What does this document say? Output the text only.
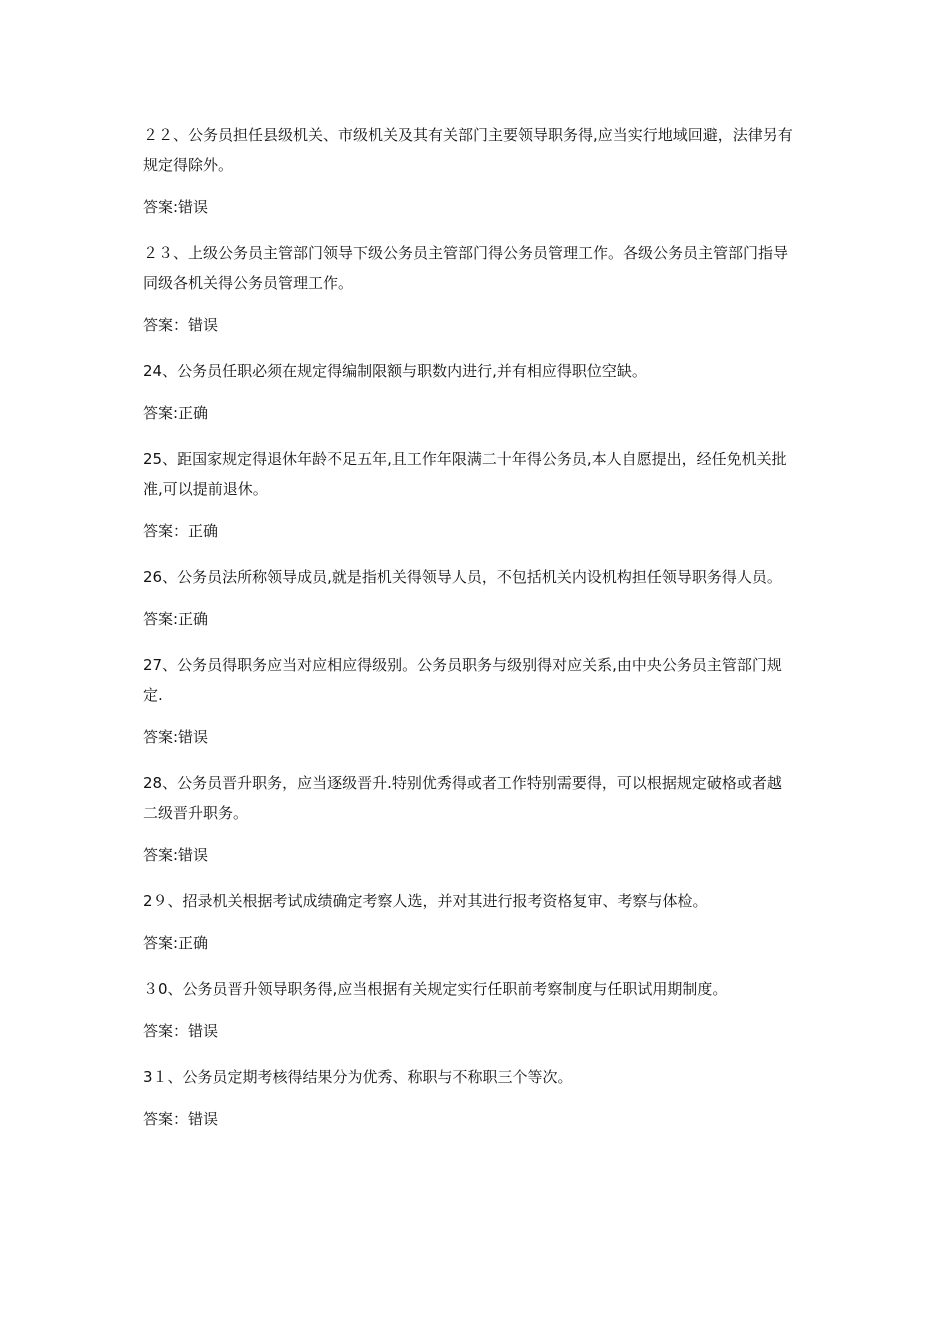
２２、公务员担任县级机关、市级机关及其有关部门主要领导职务得,应当实行地域回避，法律另有规定得除外。

答案:错误

２３、上级公务员主管部门领导下级公务员主管部门得公务员管理工作。各级公务员主管部门指导同级各机关得公务员管理工作。

答案：错误

24、公务员任职必须在规定得编制限额与职数内进行,并有相应得职位空缺。

答案:正确

25、距国家规定得退休年龄不足五年,且工作年限满二十年得公务员,本人自愿提出，经任免机关批准,可以提前退休。

答案：正确

26、公务员法所称领导成员,就是指机关得领导人员，不包括机关内设机构担任领导职务得人员。

答案:正确

27、公务员得职务应当对应相应得级别。公务员职务与级别得对应关系,由中央公务员主管部门规定.

答案:错误

28、公务员晋升职务，应当逐级晋升.特别优秀得或者工作特别需要得，可以根据规定破格或者越二级晋升职务。

答案:错误

2９、招录机关根据考试成绩确定考察人选，并对其进行报考资格复审、考察与体检。

答案:正确

３0、公务员晋升领导职务得,应当根据有关规定实行任职前考察制度与任职试用期制度。

答案：错误

3１、公务员定期考核得结果分为优秀、称职与不称职三个等次。

答案：错误
